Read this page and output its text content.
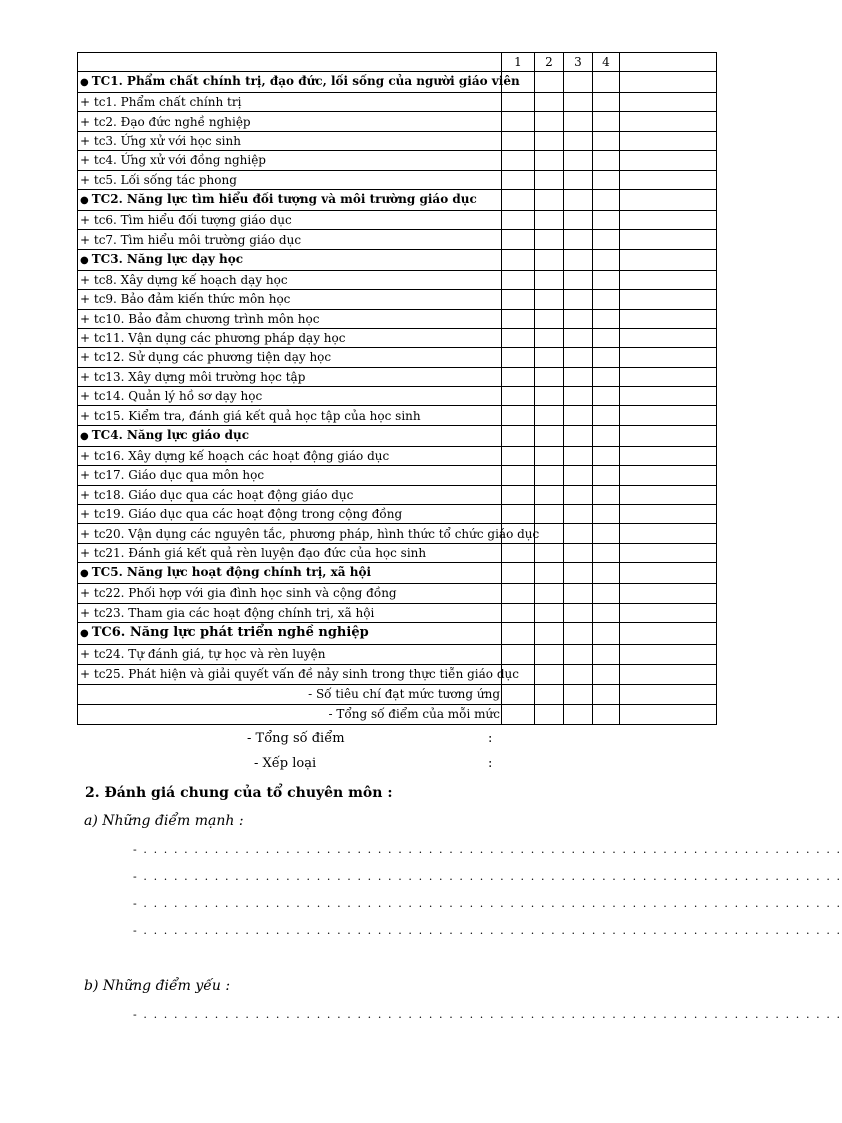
	1	2	3	4	
● TC1. Phẩm chất chính trị, đạo đức, lối sống của người giáo viên					
+ tc1. Phẩm chất chính trị					
+ tc2. Đạo đức nghề nghiệp					
+ tc3. Ứng xử với học sinh					
+ tc4. Ứng xử với đồng nghiệp					
+ tc5. Lối sống tác phong					
● TC2. Năng lực tìm hiểu đối tượng và môi trường giáo dục					
+ tc6. Tìm hiểu đối tượng giáo dục					
+ tc7. Tìm hiểu môi trường giáo dục					
● TC3. Năng lực dạy học					
+ tc8. Xây dựng kế hoạch dạy học					
+ tc9. Bảo đảm kiến thức môn học					
+ tc10. Bảo đảm chương trình môn học					
+ tc11. Vận dụng các phương pháp dạy học					
+ tc12. Sử dụng các phương tiện dạy học					
+ tc13. Xây dựng môi trường học tập					
+ tc14. Quản lý hồ sơ dạy học					
+ tc15. Kiểm tra, đánh giá kết quả học tập của học sinh					
● TC4. Năng lực giáo dục					
+ tc16. Xây dựng kế hoạch các hoạt động giáo dục					
+ tc17. Giáo dục qua môn học					
+ tc18. Giáo dục qua các hoạt động giáo dục					
+ tc19. Giáo dục qua các hoạt động trong cộng đồng					
+ tc20. Vận dụng các nguyên tắc, phương pháp, hình thức tổ chức giáo dục					
+ tc21. Đánh giá kết quả rèn luyện đạo đức của học sinh					
● TC5. Năng lực hoạt động chính trị, xã hội					
+ tc22. Phối hợp với gia đình học sinh và cộng đồng					
+ tc23. Tham gia các hoạt động chính trị, xã hội					
● TC6. Năng lực phát triển nghề nghiệp					
+ tc24. Tự đánh giá, tự học và rèn luyện					
+ tc25. Phát hiện và giải quyết vấn đề nảy sinh trong thực tiễn giáo dục					
- Số tiêu chí đạt mức tương ứng					
- Tổng số điểm của mỗi mức					
- Tổng số điểm	:
- Xếp loại	:
2. Đánh giá chung của tổ chuyên môn :
a) Những điểm mạnh :
- . . . . . . . . . . . . . . . . . . . . . . . . . . . . . . . . . . . . . . . . . . . . . . . . . . . . . . . . . . . . . . . . . . . . .
- . . . . . . . . . . . . . . . . . . . . . . . . . . . . . . . . . . . . . . . . . . . . . . . . . . . . . . . . . . . . . . . . . . . . .
- . . . . . . . . . . . . . . . . . . . . . . . . . . . . . . . . . . . . . . . . . . . . . . . . . . . . . . . . . . . . . . . . . . . . .
- . . . . . . . . . . . . . . . . . . . . . . . . . . . . . . . . . . . . . . . . . . . . . . . . . . . . . . . . . . . . . . . . . . . . .
b) Những điểm yếu :
- . . . . . . . . . . . . . . . . . . . . . . . . . . . . . . . . . . . . . . . . . . . . . . . . . . . . . . . . . . . . . . . . . . . . .
